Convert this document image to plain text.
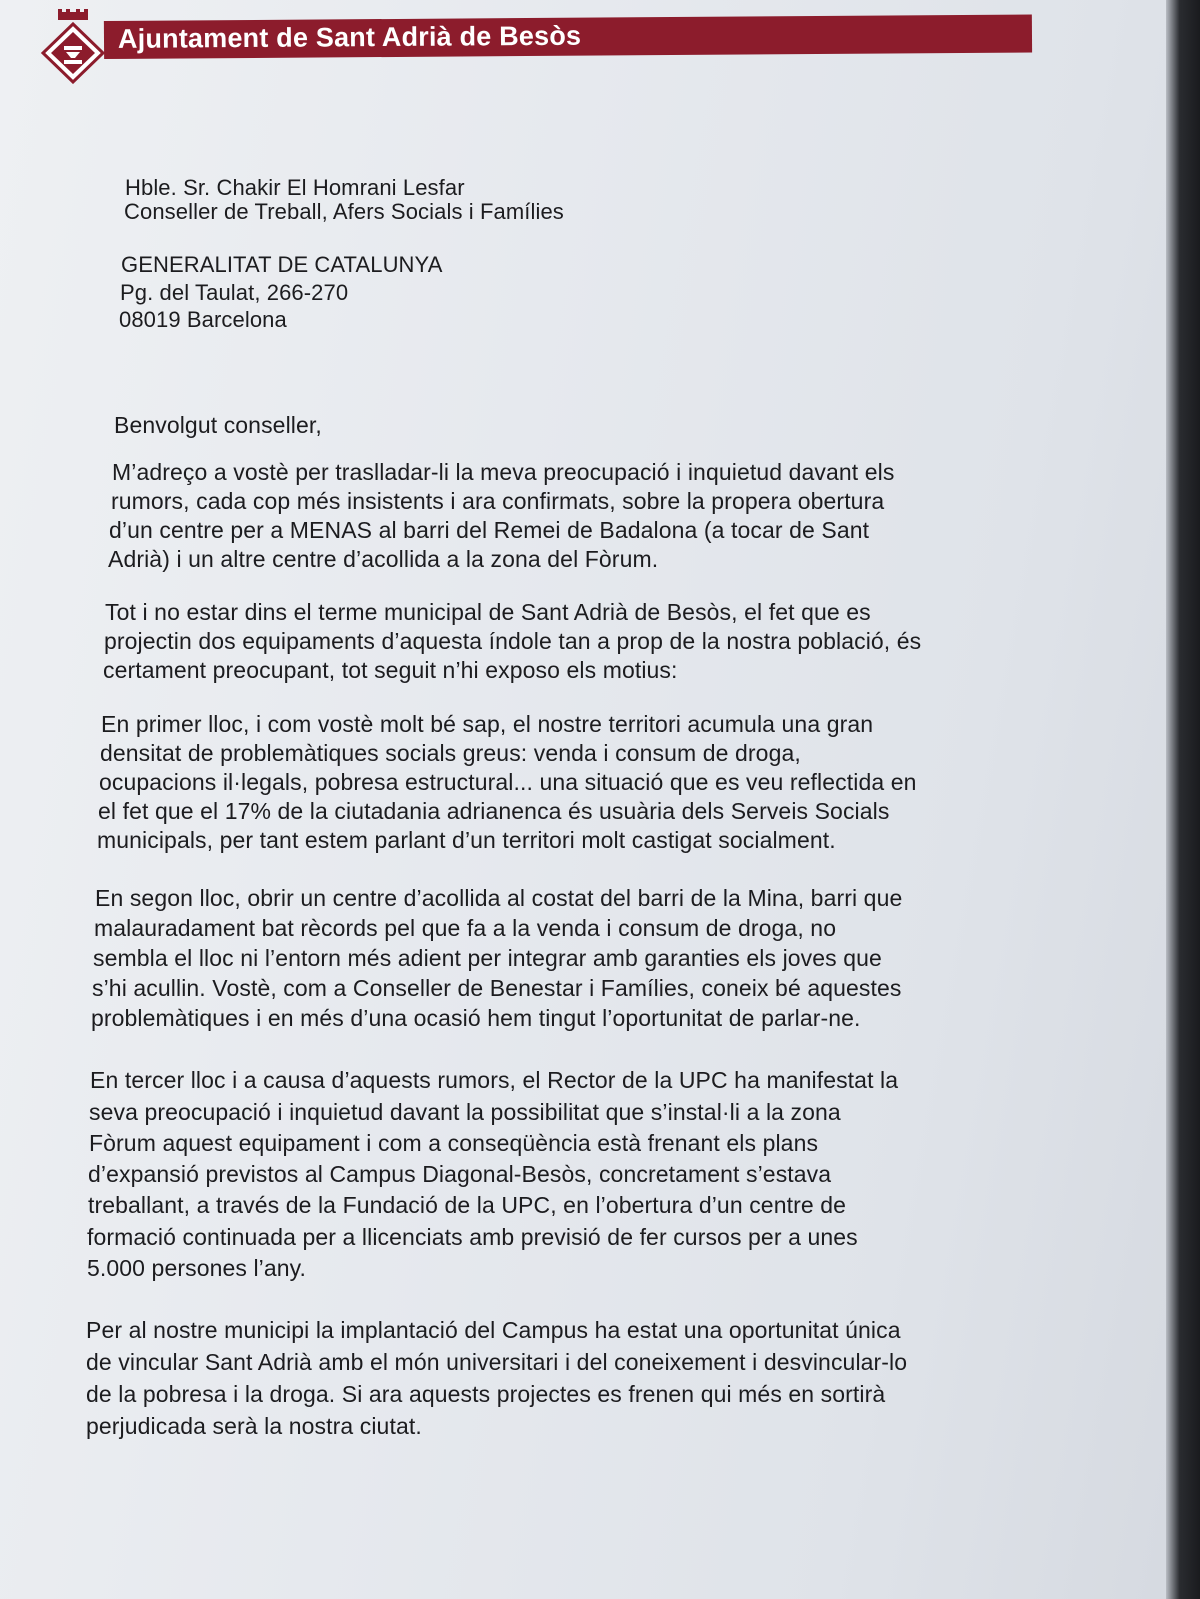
Ajuntament de Sant Adrià de Besòs
Hble. Sr. Chakir El Homrani Lesfar
Conseller de Treball, Afers Socials i Famílies
GENERALITAT DE CATALUNYA
Pg. del Taulat, 266-270
08019 Barcelona
Benvolgut conseller,
M’adreço a vostè per traslladar-li la meva preocupació i inquietud davant els
rumors, cada cop més insistents i ara confirmats, sobre la propera obertura
d’un centre per a MENAS al barri del Remei de Badalona (a tocar de Sant
Adrià) i un altre centre d’acollida a la zona del Fòrum.
Tot i no estar dins el terme municipal de Sant Adrià de Besòs, el fet que es
projectin dos equipaments d’aquesta índole tan a prop de la nostra població, és
certament preocupant, tot seguit n’hi exposo els motius:
En primer lloc, i com vostè molt bé sap, el nostre territori acumula una gran
densitat de problemàtiques socials greus: venda i consum de droga,
ocupacions il·legals, pobresa estructural... una situació que es veu reflectida en
el fet que el 17% de la ciutadania adrianenca és usuària dels Serveis Socials
municipals, per tant estem parlant d’un territori molt castigat socialment.
En segon lloc, obrir un centre d’acollida al costat del barri de la Mina, barri que
malauradament bat rècords pel que fa a la venda i consum de droga, no
sembla el lloc ni l’entorn més adient per integrar amb garanties els joves que
s’hi acullin. Vostè, com a Conseller de Benestar i Famílies, coneix bé aquestes
problemàtiques i en més d’una ocasió hem tingut l’oportunitat de parlar-ne.
En tercer lloc i a causa d’aquests rumors, el Rector de la UPC ha manifestat la
seva preocupació i inquietud davant la possibilitat que s’instal·li a la zona
Fòrum aquest equipament i com a conseqüència està frenant els plans
d’expansió previstos al Campus Diagonal-Besòs, concretament s’estava
treballant, a través de la Fundació de la UPC, en l’obertura d’un centre de
formació continuada per a llicenciats amb previsió de fer cursos per a unes
5.000 persones l’any.
Per al nostre municipi la implantació del Campus ha estat una oportunitat única
de vincular Sant Adrià amb el món universitari i del coneixement i desvincular-lo
de la pobresa i la droga. Si ara aquests projectes es frenen qui més en sortirà
perjudicada serà la nostra ciutat.
